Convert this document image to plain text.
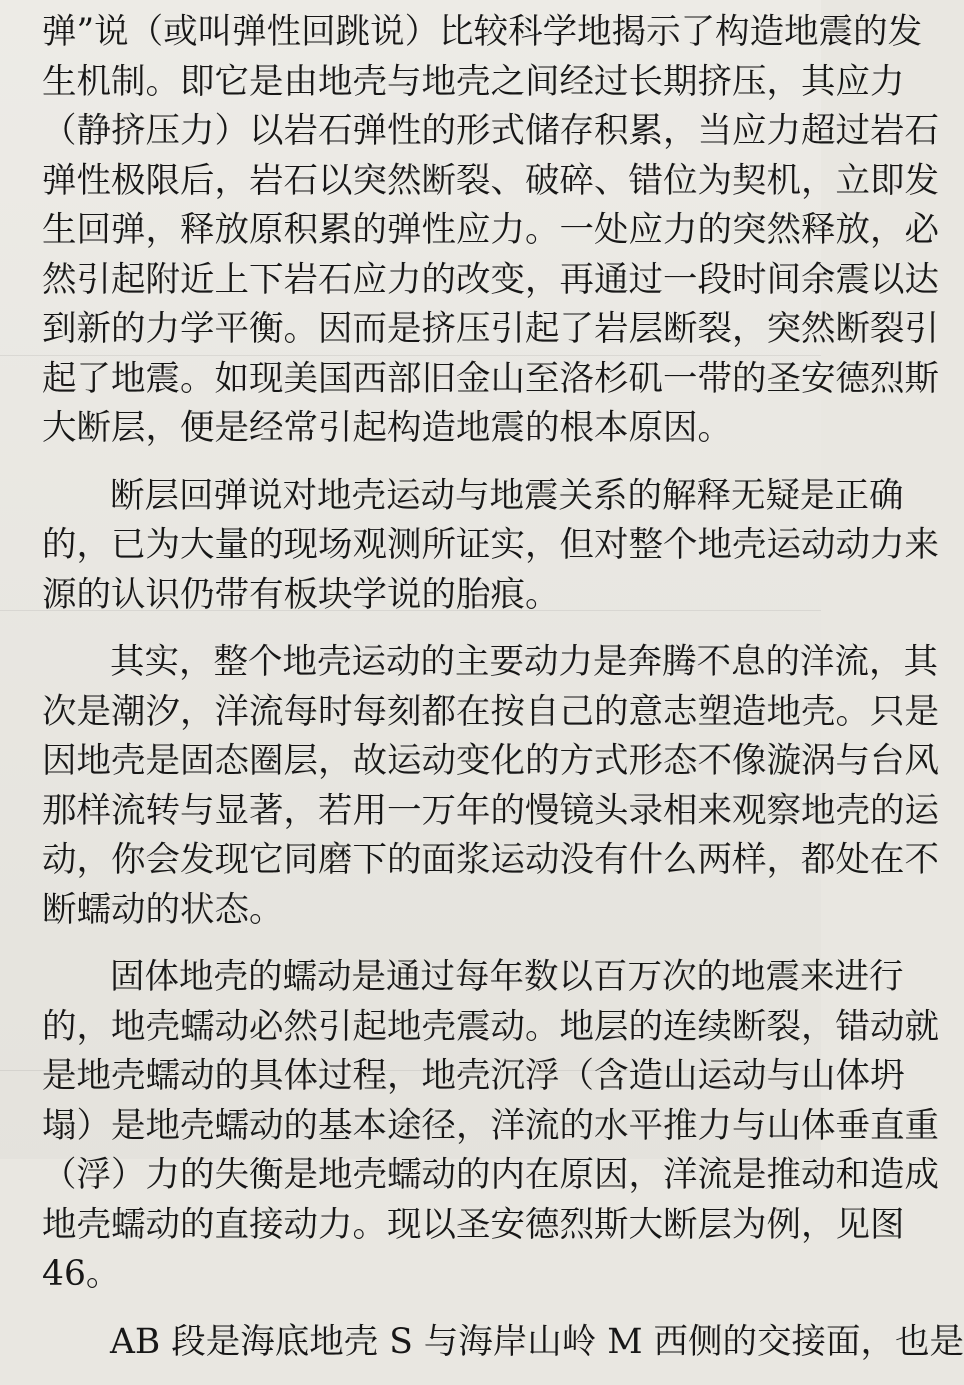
弹”说（或叫弹性回跳说）比较科学地揭示了构造地震的发
生机制。即它是由地壳与地壳之间经过长期挤压，其应力
（静挤压力）以岩石弹性的形式储存积累，当应力超过岩石
弹性极限后，岩石以突然断裂、破碎、错位为契机，立即发
生回弹，释放原积累的弹性应力。一处应力的突然释放，必
然引起附近上下岩石应力的改变，再通过一段时间余震以达
到新的力学平衡。因而是挤压引起了岩层断裂，突然断裂引
起了地震。如现美国西部旧金山至洛杉矶一带的圣安德烈斯
大断层，便是经常引起构造地震的根本原因。
断层回弹说对地壳运动与地震关系的解释无疑是正确
的，已为大量的现场观测所证实，但对整个地壳运动动力来
源的认识仍带有板块学说的胎痕。
其实，整个地壳运动的主要动力是奔腾不息的洋流，其
次是潮汐，洋流每时每刻都在按自己的意志塑造地壳。只是
因地壳是固态圈层，故运动变化的方式形态不像漩涡与台风
那样流转与显著，若用一万年的慢镜头录相来观察地壳的运
动，你会发现它同磨下的面浆运动没有什么两样，都处在不
断蠕动的状态。
固体地壳的蠕动是通过每年数以百万次的地震来进行
的，地壳蠕动必然引起地壳震动。地层的连续断裂，错动就
是地壳蠕动的具体过程，地壳沉浮（含造山运动与山体坍
塌）是地壳蠕动的基本途径，洋流的水平推力与山体垂直重
（浮）力的失衡是地壳蠕动的内在原因，洋流是推动和造成
地壳蠕动的直接动力。现以圣安德烈斯大断层为例，见图
46。
AB 段是海底地壳 S 与海岸山岭 M 西侧的交接面，也是
